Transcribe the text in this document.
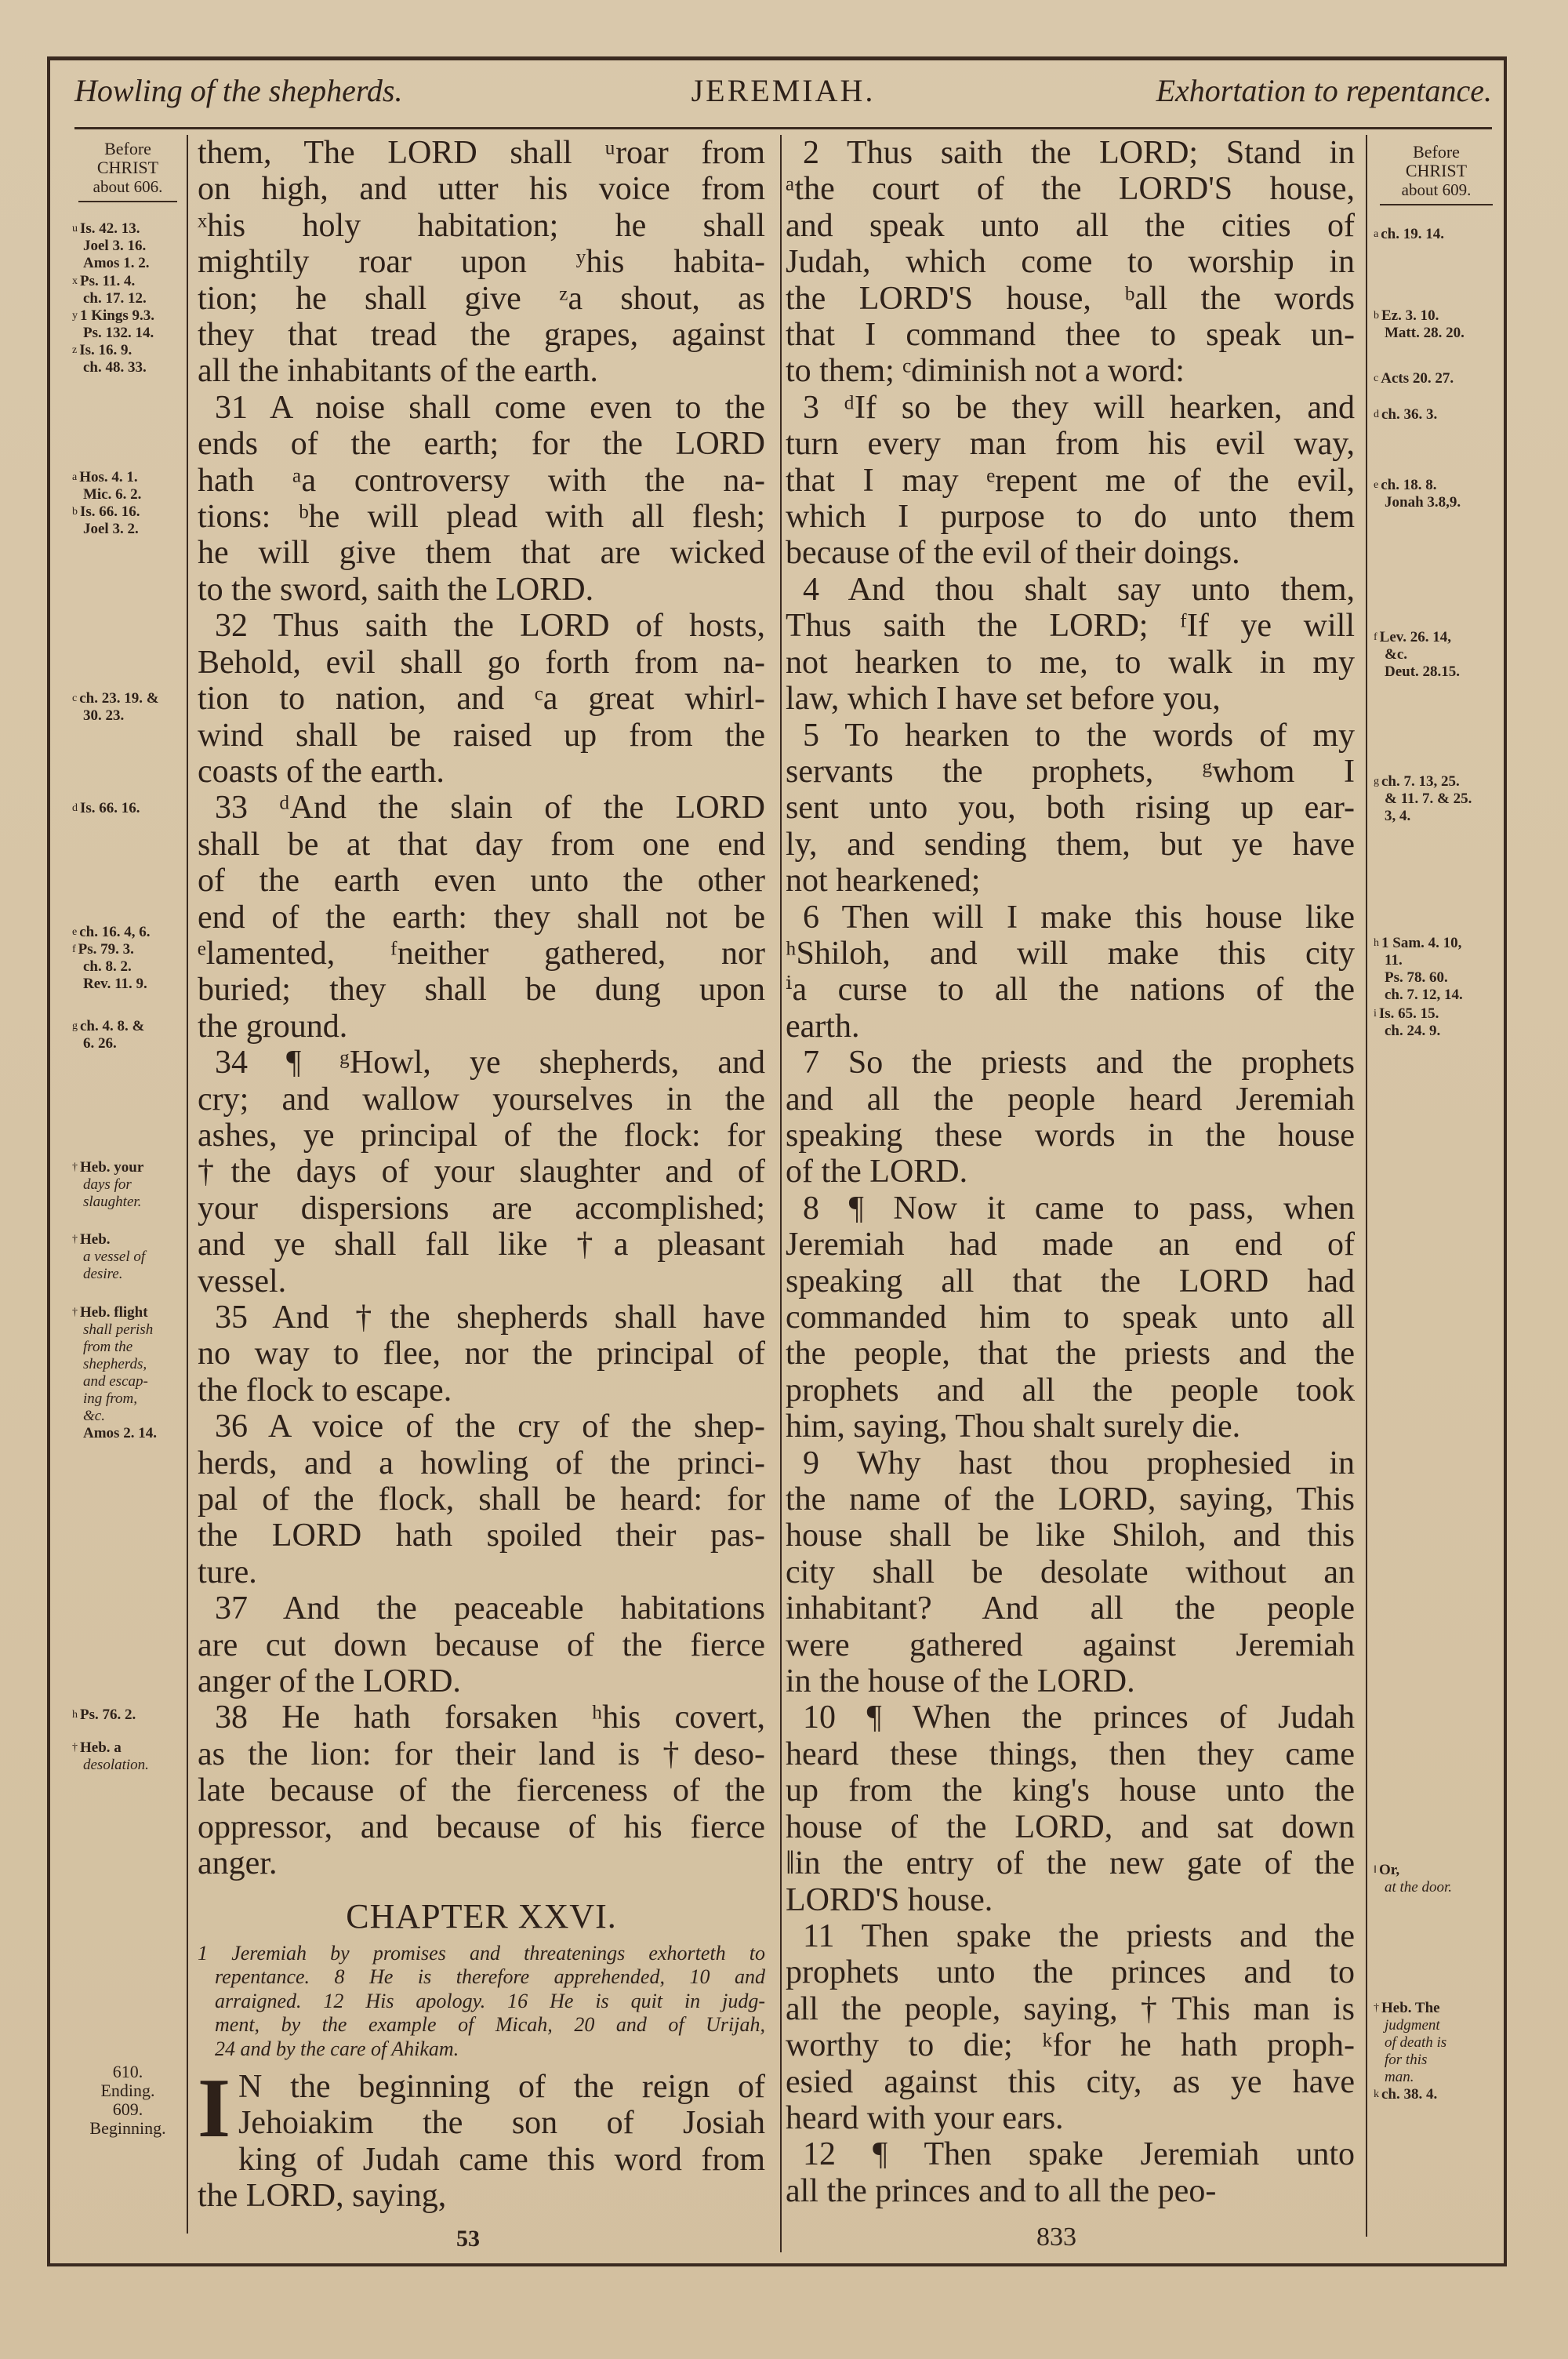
Howling of the shepherds.	JEREMIAH.	Exhortation to repentance.
Before
CHRIST
about 606.
$^u$ Is. 42. 13.
Joel 3. 16.
Amos 1. 2.
$^x$ Ps. 11. 4.
ch. 17. 12.
$^y$ 1 Kings 9.3.
Ps. 132. 14.
$^z$ Is. 16. 9.
ch. 48. 33.
$^a$ Hos. 4. 1.
Mic. 6. 2.
$^b$ Is. 66. 16.
Joel 3. 2.
$^c$ ch. 23. 19. &
30. 23.
$^d$ Is. 66. 16.
$^e$ ch. 16. 4, 6.
$^f$ Ps. 79. 3.
ch. 8. 2.
Rev. 11. 9.
$^g$ ch. 4. 8. &
6. 26.
† Heb. your
days for
slaughter.
† Heb.
a vessel of
desire.
† Heb. flight
shall perish
from the
shepherds,
and escap-
ing from,
&c.
Amos 2. 14.
$^h$ Ps. 76. 2.
† Heb. a
desolation.
610.
Ending.
609.
Beginning.
them, The LORD shall ᵘroar from
on high, and utter his voice from
ˣhis holy habitation; he shall
mightily roar upon ʸhis habita-
tion; he shall give ᶻa shout, as
they that tread the grapes, against
all the inhabitants of the earth.
31 A noise shall come even to the
ends of the earth; for the LORD
hath ᵃa controversy with the na-
tions: ᵇhe will plead with all flesh;
he will give them that are wicked
to the sword, saith the LORD.
32 Thus saith the LORD of hosts,
Behold, evil shall go forth from na-
tion to nation, and ᶜa great whirl-
wind shall be raised up from the
coasts of the earth.
33 ᵈAnd the slain of the LORD
shall be at that day from one end
of the earth even unto the other
end of the earth: they shall not be
ᵉlamented, ᶠneither gathered, nor
buried; they shall be dung upon
the ground.
34 ¶ ᵍHowl, ye shepherds, and
cry; and wallow yourselves in the
ashes, ye principal of the flock: for
†the days of your slaughter and of
your dispersions are accomplished;
and ye shall fall like †a pleasant
vessel.
35 And †the shepherds shall have
no way to flee, nor the principal of
the flock to escape.
36 A voice of the cry of the shep-
herds, and a howling of the princi-
pal of the flock, shall be heard: for
the LORD hath spoiled their pas-
ture.
37 And the peaceable habitations
are cut down because of the fierce
anger of the LORD.
38 He hath forsaken ʰhis covert,
as the lion: for their land is †deso-
late because of the fierceness of the
oppressor, and because of his fierce
anger.
CHAPTER XXVI.
1 Jeremiah by promises and threatenings exhorteth to
repentance. 8 He is therefore apprehended, 10 and
arraigned. 12 His apology. 16 He is quit in judg-
ment, by the example of Micah, 20 and of Urijah,
24 and by the care of Ahikam.
I N the beginning of the reign of
Jehoiakim the son of Josiah
king of Judah came this word from
the LORD, saying,
53
2 Thus saith the LORD; Stand in
ᵃthe court of the LORD'S house,
and speak unto all the cities of
Judah, which come to worship in
the LORD'S house, ᵇall the words
that I command thee to speak un-
to them; ᶜdiminish not a word:
3 ᵈIf so be they will hearken, and
turn every man from his evil way,
that I may ᵉrepent me of the evil,
which I purpose to do unto them
because of the evil of their doings.
4 And thou shalt say unto them,
Thus saith the LORD; ᶠIf ye will
not hearken to me, to walk in my
law, which I have set before you,
5 To hearken to the words of my
servants the prophets, ᵍwhom I
sent unto you, both rising up ear-
ly, and sending them, but ye have
not hearkened;
6 Then will I make this house like
ʰShiloh, and will make this city
ⁱa curse to all the nations of the
earth.
7 So the priests and the prophets
and all the people heard Jeremiah
speaking these words in the house
of the LORD.
8 ¶ Now it came to pass, when
Jeremiah had made an end of
speaking all that the LORD had
commanded him to speak unto all
the people, that the priests and the
prophets and all the people took
him, saying, Thou shalt surely die.
9 Why hast thou prophesied in
the name of the LORD, saying, This
house shall be like Shiloh, and this
city shall be desolate without an
inhabitant? And all the people
were gathered against Jeremiah
in the house of the LORD.
10 ¶ When the princes of Judah
heard these things, then they came
up from the king's house unto the
house of the LORD, and sat down
‖in the entry of the new gate of the
LORD'S house.
11 Then spake the priests and the
prophets unto the princes and to
all the people, saying, †This man is
worthy to die; ᵏfor he hath proph-
esied against this city, as ye have
heard with your ears.
12 ¶ Then spake Jeremiah unto
all the princes and to all the peo-
833
Before
CHRIST
about 609.
$^a$ ch. 19. 14.
$^b$ Ez. 3. 10.
Matt. 28. 20.
$^c$ Acts 20. 27.
$^d$ ch. 36. 3.
$^e$ ch. 18. 8.
Jonah 3.8,9.
$^f$ Lev. 26. 14,
&c.
Deut. 28.15.
$^g$ ch. 7. 13, 25.
& 11. 7. & 25.
3, 4.
$^h$ 1 Sam. 4. 10,
11.
Ps. 78. 60.
ch. 7. 12, 14.
$^i$ Is. 65. 15.
ch. 24. 9.
‖ Or,
at the door.
† Heb. The
judgment
of death is
for this
man.
$^k$ ch. 38. 4.
